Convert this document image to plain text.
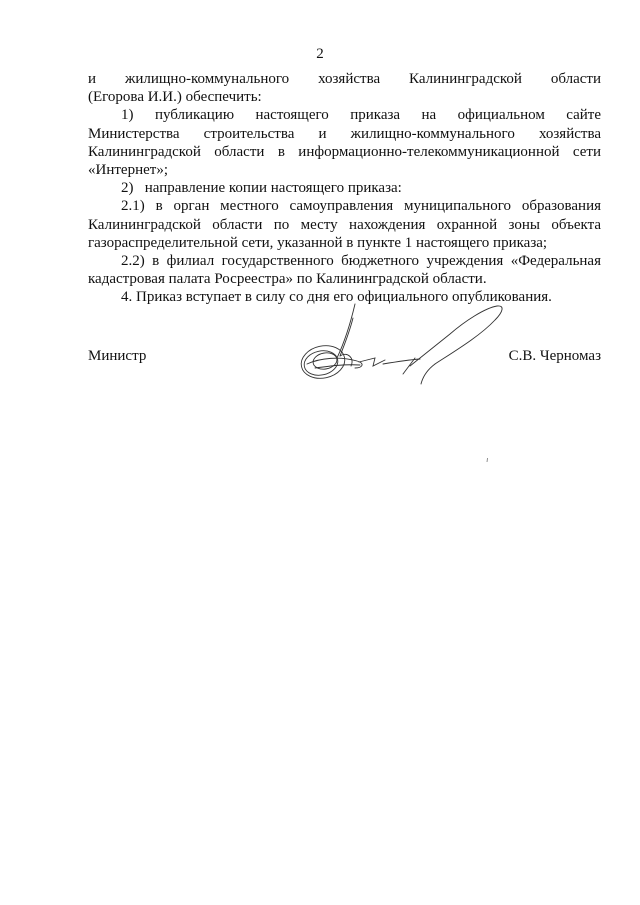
2

и жилищно-коммунального хозяйства Калининградской области

(Егорова И.И.) обеспечить:

1) публикацию настоящего приказа на официальном сайте

Министерства строительства и жилищно-коммунального хозяйства

Калининградской области в информационно-телекоммуникационной сети

«Интернет»;

2)   направление копии настоящего приказа:

2.1) в орган местного самоуправления муниципального образования

Калининградской области по месту нахождения охранной зоны объекта

газораспределительной сети, указанной в пункте 1 настоящего приказа;

2.2) в филиал государственного бюджетного учреждения «Федеральная

кадастровая палата Росреестра» по Калининградской области.

4. Приказ вступает в силу со дня его официального опубликования.

Министр	С.В. Черномаз
